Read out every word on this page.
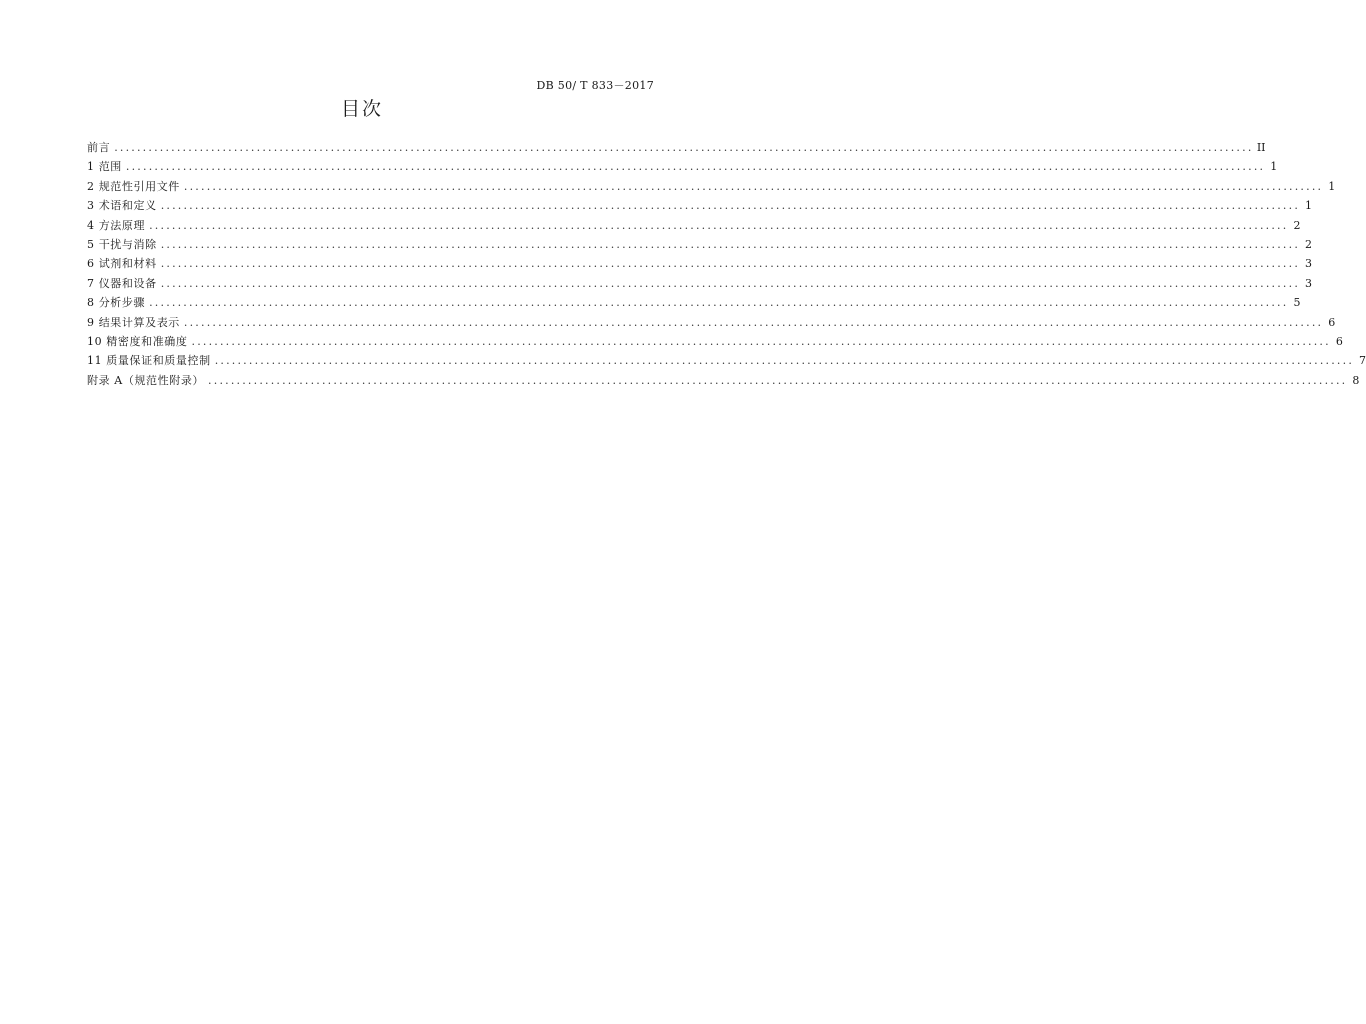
DB 50/ T 833－2017
目次
前言 ........................................................................................................................................................................................................ II
1 范围 ........................................................................................................................................................................................................ 1
2 规范性引用文件 ........................................................................................................................................................................................................ 1
3 术语和定义 ........................................................................................................................................................................................................ 1
4 方法原理 ........................................................................................................................................................................................................ 2
5 干扰与消除 ........................................................................................................................................................................................................ 2
6 试剂和材料 ........................................................................................................................................................................................................ 3
7 仪器和设备 ........................................................................................................................................................................................................ 3
8 分析步骤 ........................................................................................................................................................................................................ 5
9 结果计算及表示 ........................................................................................................................................................................................................ 6
10 精密度和准确度 ........................................................................................................................................................................................................ 6
11 质量保证和质量控制 ........................................................................................................................................................................................................ 7
附录 A（规范性附录） ........................................................................................................................................................................................................ 8
